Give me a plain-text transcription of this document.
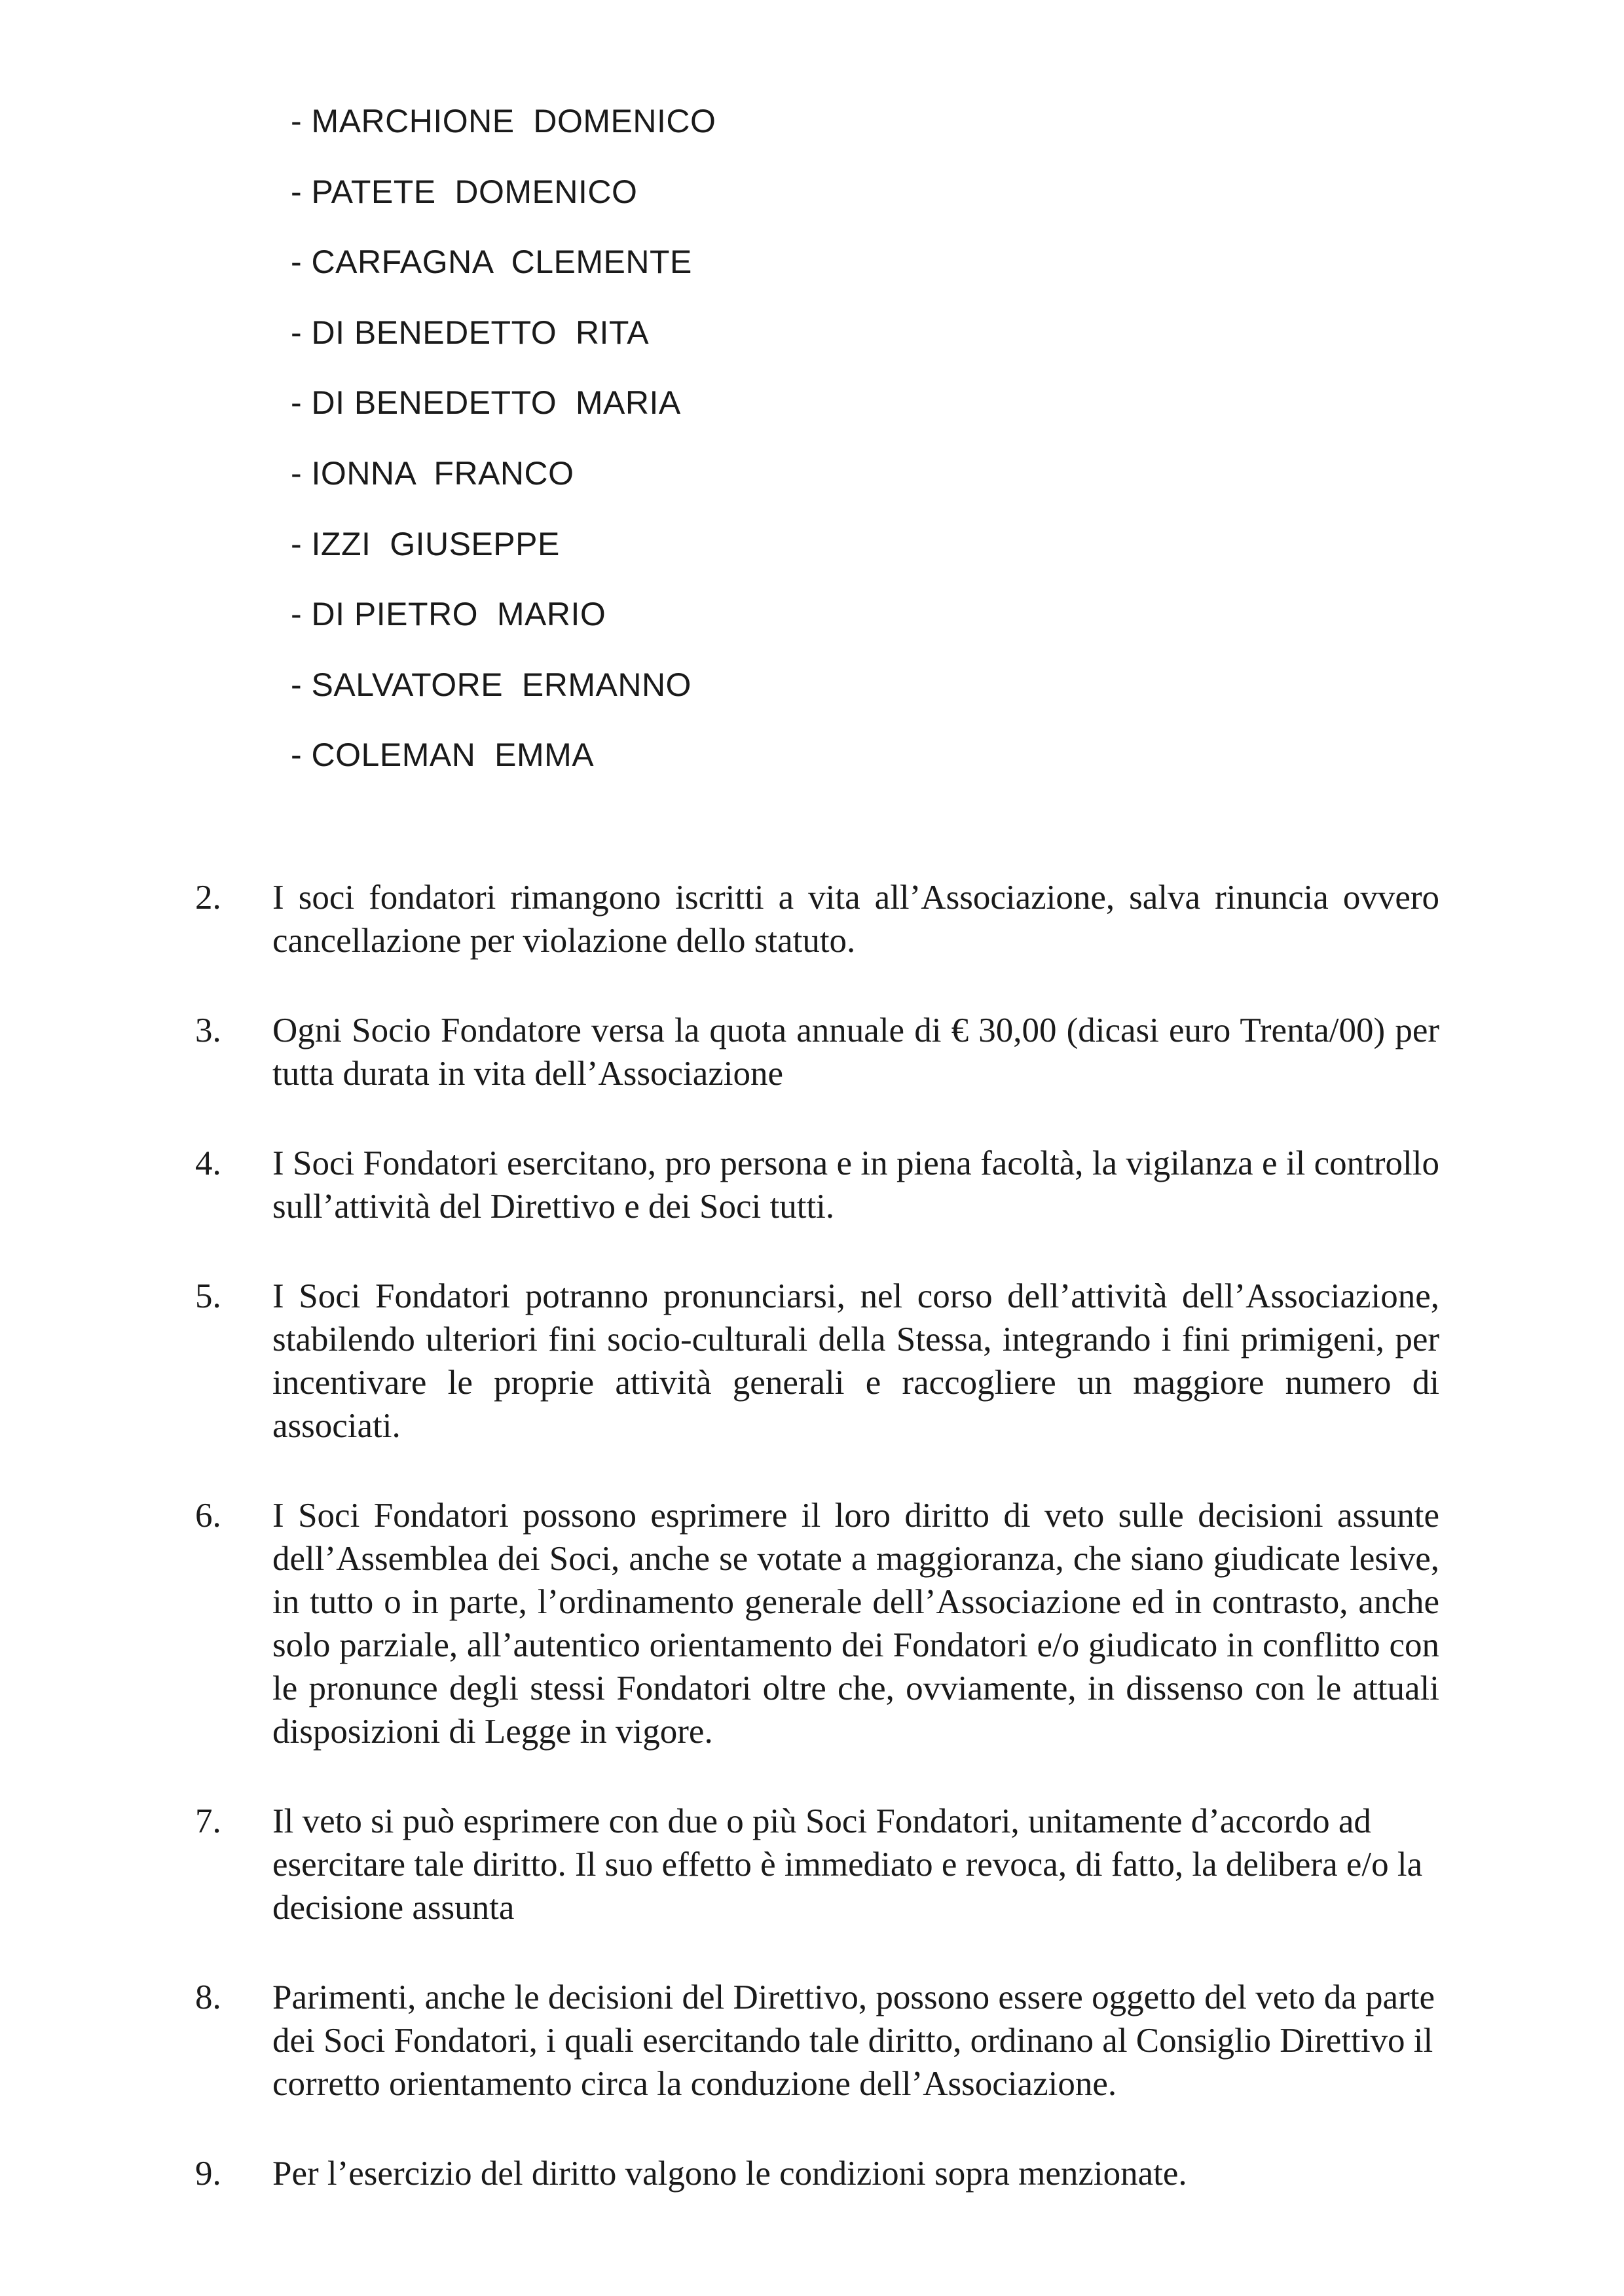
- MARCHIONE  DOMENICO
- PATETE  DOMENICO
- CARFAGNA  CLEMENTE
- DI BENEDETTO  RITA
- DI BENEDETTO  MARIA
- IONNA  FRANCO
- IZZI  GIUSEPPE
- DI PIETRO  MARIO
- SALVATORE  ERMANNO
- COLEMAN  EMMA
2. I soci fondatori rimangono iscritti a vita all’Associazione, salva rinuncia ovvero cancellazione per violazione dello statuto.
3. Ogni Socio Fondatore versa la quota annuale di € 30,00 (dicasi euro Trenta/00) per tutta durata in vita dell’Associazione
4. I Soci Fondatori esercitano, pro persona e in piena facoltà, la vigilanza e il controllo sull’attività del Direttivo e dei Soci tutti.
5. I Soci Fondatori potranno pronunciarsi, nel corso dell’attività dell’Associazione, stabilendo ulteriori fini socio-culturali della Stessa, integrando i fini primigeni, per incentivare le proprie attività generali e raccogliere un maggiore numero di associati.
6. I Soci Fondatori possono esprimere il loro diritto di veto sulle decisioni assunte dell’Assemblea dei Soci, anche se votate a maggioranza, che siano giudicate lesive, in tutto o in parte, l’ordinamento generale dell’Associazione ed in contrasto, anche solo parziale, all’autentico orientamento dei Fondatori e/o giudicato in conflitto con le pronunce degli stessi Fondatori oltre che, ovviamente, in dissenso con le attuali disposizioni di Legge in vigore.
7. Il veto si può esprimere con due o più Soci Fondatori, unitamente d’accordo ad esercitare tale diritto. Il suo effetto è immediato e revoca, di fatto, la delibera e/o la decisione assunta
8. Parimenti, anche le decisioni del Direttivo, possono essere oggetto del veto da parte dei Soci Fondatori, i quali esercitando tale diritto, ordinano al Consiglio Direttivo il corretto orientamento circa la conduzione dell’Associazione.
9. Per l’esercizio del diritto valgono le condizioni sopra menzionate.
